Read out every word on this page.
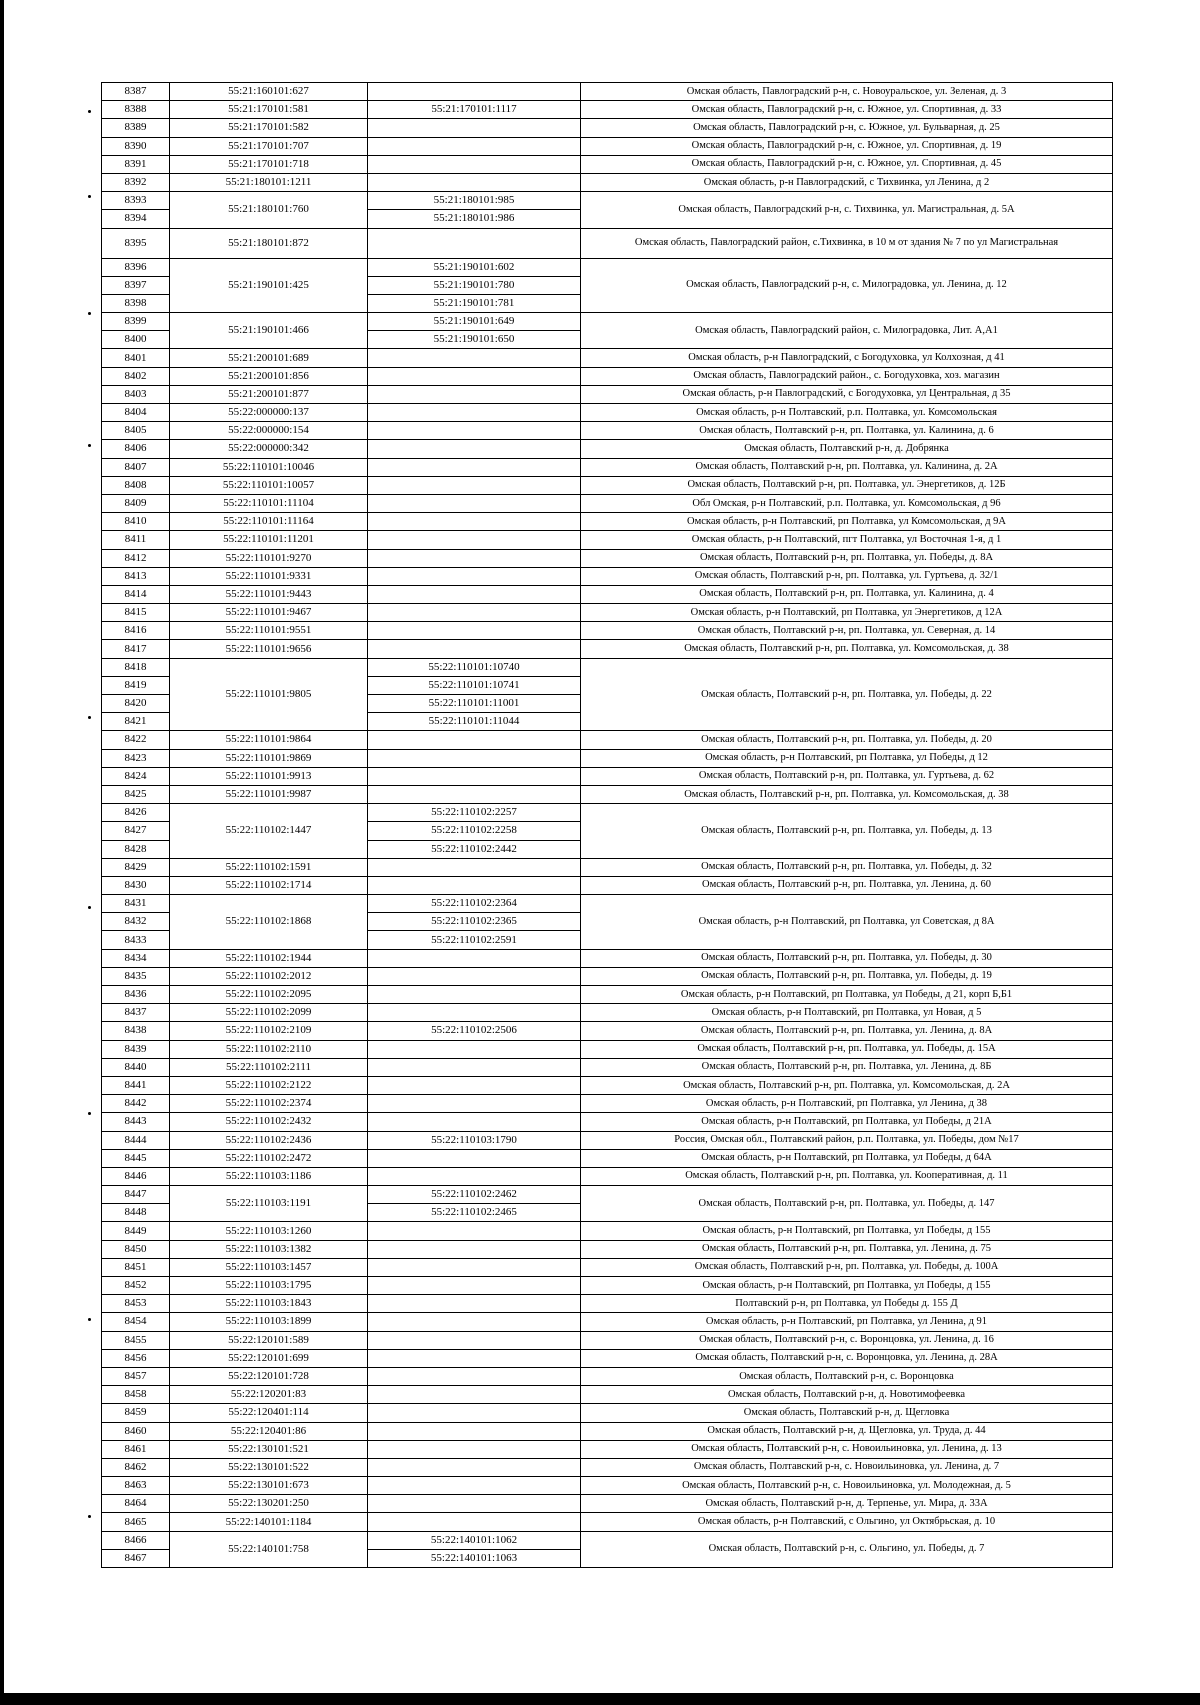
8387	55:21:160101:627		Омская область, Павлоградский р-н, с. Новоуральское, ул. Зеленая, д. 3
8388	55:21:170101:581	55:21:170101:1117	Омская область, Павлоградский р-н, с. Южное, ул. Спортивная, д. 33
8389	55:21:170101:582		Омская область, Павлоградский р-н, с. Южное, ул. Бульварная, д. 25
8390	55:21:170101:707		Омская область, Павлоградский р-н, с. Южное, ул. Спортивная, д. 19
8391	55:21:170101:718		Омская область, Павлоградский р-н, с. Южное, ул. Спортивная, д. 45
8392	55:21:180101:1211		Омская область, р-н Павлоградский, с Тихвинка, ул Ленина, д 2
8393	55:21:180101:760	55:21:180101:985	Омская область, Павлоградский р-н, с. Тихвинка, ул. Магистральная, д. 5А
8394		55:21:180101:986	
8395	55:21:180101:872		Омская область, Павлоградский район, с.Тихвинка, в 10 м от здания № 7 по ул Магистральная
8396	55:21:190101:425	55:21:190101:602	Омская область, Павлоградский р-н, с. Милоградовка, ул. Ленина, д. 12
8397		55:21:190101:780	
8398		55:21:190101:781	
8399	55:21:190101:466	55:21:190101:649	Омская область, Павлоградский район, с. Милоградовка, Лит. А,А1
8400		55:21:190101:650	
8401	55:21:200101:689		Омская область, р-н Павлоградский, с Богодуховка, ул Колхозная, д 41
8402	55:21:200101:856		Омская область, Павлоградский район., с. Богодуховка, хоз. магазин
8403	55:21:200101:877		Омская область, р-н Павлоградский, с Богодуховка, ул Центральная, д 35
8404	55:22:000000:137		Омская область, р-н Полтавский, р.п. Полтавка, ул. Комсомольская
8405	55:22:000000:154		Омская область, Полтавский р-н, рп. Полтавка, ул. Калинина, д. 6
8406	55:22:000000:342		Омская область, Полтавский р-н, д. Добрянка
8407	55:22:110101:10046		Омская область, Полтавский р-н, рп. Полтавка, ул. Калинина, д. 2А
8408	55:22:110101:10057		Омская область, Полтавский р-н, рп. Полтавка, ул. Энергетиков, д. 12Б
8409	55:22:110101:11104		Обл Омская, р-н Полтавский, р.п. Полтавка, ул. Комсомольская, д 96
8410	55:22:110101:11164		Омская область, р-н Полтавский, рп Полтавка, ул Комсомольская, д 9А
8411	55:22:110101:11201		Омская область, р-н Полтавский, пгт Полтавка, ул Восточная 1-я, д 1
8412	55:22:110101:9270		Омская область, Полтавский р-н, рп. Полтавка, ул. Победы, д. 8А
8413	55:22:110101:9331		Омская область, Полтавский р-н, рп. Полтавка, ул. Гуртьева, д. 32/1
8414	55:22:110101:9443		Омская область, Полтавский р-н, рп. Полтавка, ул. Калинина, д. 4
8415	55:22:110101:9467		Омская область, р-н Полтавский, рп Полтавка, ул Энергетиков, д 12А
8416	55:22:110101:9551		Омская область, Полтавский р-н, рп. Полтавка, ул. Северная, д. 14
8417	55:22:110101:9656		Омская область, Полтавский р-н, рп. Полтавка, ул. Комсомольская, д. 38
8418	55:22:110101:9805	55:22:110101:10740	Омская область, Полтавский р-н, рп. Полтавка, ул. Победы, д. 22
8419		55:22:110101:10741	
8420		55:22:110101:11001	
8421		55:22:110101:11044	
8422	55:22:110101:9864		Омская область, Полтавский р-н, рп. Полтавка, ул. Победы, д. 20
8423	55:22:110101:9869		Омская область, р-н Полтавский, рп Полтавка, ул Победы, д 12
8424	55:22:110101:9913		Омская область, Полтавский р-н, рп. Полтавка, ул. Гуртьева, д. 62
8425	55:22:110101:9987		Омская область, Полтавский р-н, рп. Полтавка, ул. Комсомольская, д. 38
8426	55:22:110102:1447	55:22:110102:2257	Омская область, Полтавский р-н, рп. Полтавка, ул. Победы, д. 13
8427		55:22:110102:2258	
8428		55:22:110102:2442	
8429	55:22:110102:1591		Омская область, Полтавский р-н, рп. Полтавка, ул. Победы, д. 32
8430	55:22:110102:1714		Омская область, Полтавский р-н, рп. Полтавка, ул. Ленина, д. 60
8431	55:22:110102:1868	55:22:110102:2364	Омская область, р-н Полтавский, рп Полтавка, ул Советская, д 8А
8432		55:22:110102:2365	
8433		55:22:110102:2591	
8434	55:22:110102:1944		Омская область, Полтавский р-н, рп. Полтавка, ул. Победы, д. 30
8435	55:22:110102:2012		Омская область, Полтавский р-н, рп. Полтавка, ул. Победы, д. 19
8436	55:22:110102:2095		Омская область, р-н Полтавский, рп Полтавка, ул Победы, д 21, корп Б,Б1
8437	55:22:110102:2099		Омская область, р-н Полтавский, рп Полтавка, ул Новая, д 5
8438	55:22:110102:2109	55:22:110102:2506	Омская область, Полтавский р-н, рп. Полтавка, ул. Ленина, д. 8А
8439	55:22:110102:2110		Омская область, Полтавский р-н, рп. Полтавка, ул. Победы, д. 15А
8440	55:22:110102:2111		Омская область, Полтавский р-н, рп. Полтавка, ул. Ленина, д. 8Б
8441	55:22:110102:2122		Омская область, Полтавский р-н, рп. Полтавка, ул. Комсомольская, д. 2А
8442	55:22:110102:2374		Омская область, р-н Полтавский, рп Полтавка, ул Ленина, д 38
8443	55:22:110102:2432		Омская область, р-н Полтавский, рп Полтавка, ул Победы, д 21А
8444	55:22:110102:2436	55:22:110103:1790	Россия, Омская обл., Полтавский район, р.п. Полтавка, ул. Победы, дом №17
8445	55:22:110102:2472		Омская область, р-н Полтавский, рп Полтавка, ул Победы, д 64А
8446	55:22:110103:1186		Омская область, Полтавский р-н, рп. Полтавка, ул. Кооперативная, д. 11
8447	55:22:110103:1191	55:22:110102:2462	Омская область, Полтавский р-н, рп. Полтавка, ул. Победы, д. 147
8448		55:22:110102:2465	
8449	55:22:110103:1260		Омская область, р-н Полтавский, рп Полтавка, ул Победы, д 155
8450	55:22:110103:1382		Омская область, Полтавский р-н, рп. Полтавка, ул. Ленина, д. 75
8451	55:22:110103:1457		Омская область, Полтавский р-н, рп. Полтавка, ул. Победы, д. 100А
8452	55:22:110103:1795		Омская область, р-н Полтавский, рп Полтавка, ул Победы, д 155
8453	55:22:110103:1843		Полтавский р-н, рп Полтавка, ул Победы д. 155 Д
8454	55:22:110103:1899		Омская область, р-н Полтавский, рп Полтавка, ул Ленина, д 91
8455	55:22:120101:589		Омская область, Полтавский р-н, с. Воронцовка, ул. Ленина, д. 16
8456	55:22:120101:699		Омская область, Полтавский р-н, с. Воронцовка, ул. Ленина, д. 28А
8457	55:22:120101:728		Омская область, Полтавский р-н, с. Воронцовка
8458	55:22:120201:83		Омская область, Полтавский р-н, д. Новотимофеевка
8459	55:22:120401:114		Омская область, Полтавский р-н, д. Щегловка
8460	55:22:120401:86		Омская область, Полтавский р-н, д. Щегловка, ул. Труда, д. 44
8461	55:22:130101:521		Омская область, Полтавский р-н, с. Новоильиновка, ул. Ленина, д. 13
8462	55:22:130101:522		Омская область, Полтавский р-н, с. Новоильиновка, ул. Ленина, д. 7
8463	55:22:130101:673		Омская область, Полтавский р-н, с. Новоильиновка, ул. Молодежная, д. 5
8464	55:22:130201:250		Омская область, Полтавский р-н, д. Терпенье, ул. Мира, д. 33А
8465	55:22:140101:1184		Омская область, р-н Полтавский, с Ольгино, ул Октябрьская, д. 10
8466	55:22:140101:758	55:22:140101:1062	Омская область, Полтавский р-н, с. Ольгино, ул. Победы, д. 7
8467		55:22:140101:1063	
